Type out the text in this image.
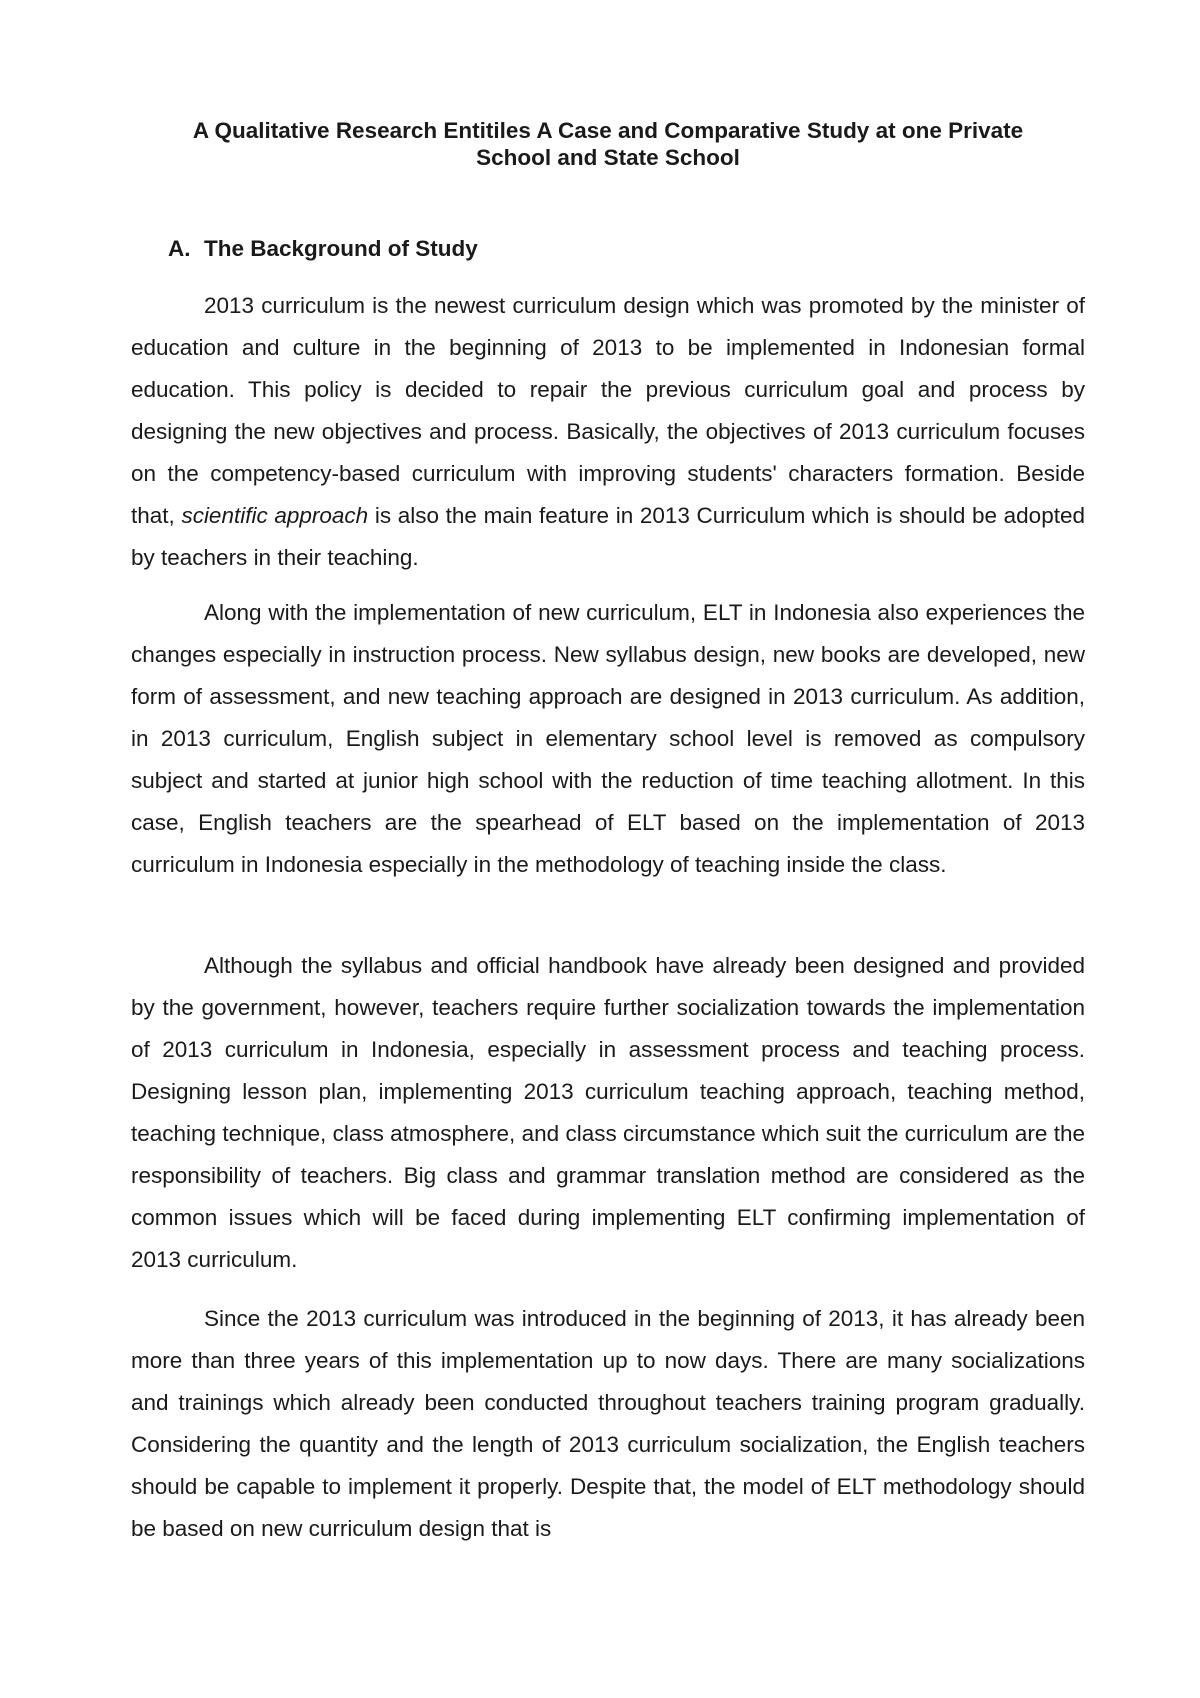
A Qualitative Research Entitiles A Case and Comparative Study at one Private
School and State School
A. The Background of Study

2013 curriculum is the newest curriculum design which was promoted by the minister of education and culture in the beginning of 2013 to be implemented in Indonesian formal education. This policy is decided to repair the previous curriculum goal and process by designing the new objectives and process. Basically, the objectives of 2013 curriculum focuses on the competency-based curriculum with improving students' characters formation. Beside that, scientific approach is also the main feature in 2013 Curriculum which is should be adopted by teachers in their teaching.

Along with the implementation of new curriculum, ELT in Indonesia also experiences the changes especially in instruction process. New syllabus design, new books are developed, new form of assessment, and new teaching approach are designed in 2013 curriculum. As addition, in 2013 curriculum, English subject in elementary school level is removed as compulsory subject and started at junior high school with the reduction of time teaching allotment. In this case, English teachers are the spearhead of ELT based on the implementation of 2013 curriculum in Indonesia especially in the methodology of teaching inside the class.

Although the syllabus and official handbook have already been designed and provided by the government, however, teachers require further socialization towards the implementation of 2013 curriculum in Indonesia, especially in assessment process and teaching process. Designing lesson plan, implementing 2013 curriculum teaching approach, teaching method, teaching technique, class atmosphere, and class circumstance which suit the curriculum are the responsibility of teachers. Big class and grammar translation method are considered as the common issues which will be faced during implementing ELT confirming implementation of 2013 curriculum.

Since the 2013 curriculum was introduced in the beginning of 2013, it has already been more than three years of this implementation up to now days. There are many socializations and trainings which already been conducted throughout teachers training program gradually. Considering the quantity and the length of 2013 curriculum socialization, the English teachers should be capable to implement it properly. Despite that, the model of ELT methodology should be based on new curriculum design that is
